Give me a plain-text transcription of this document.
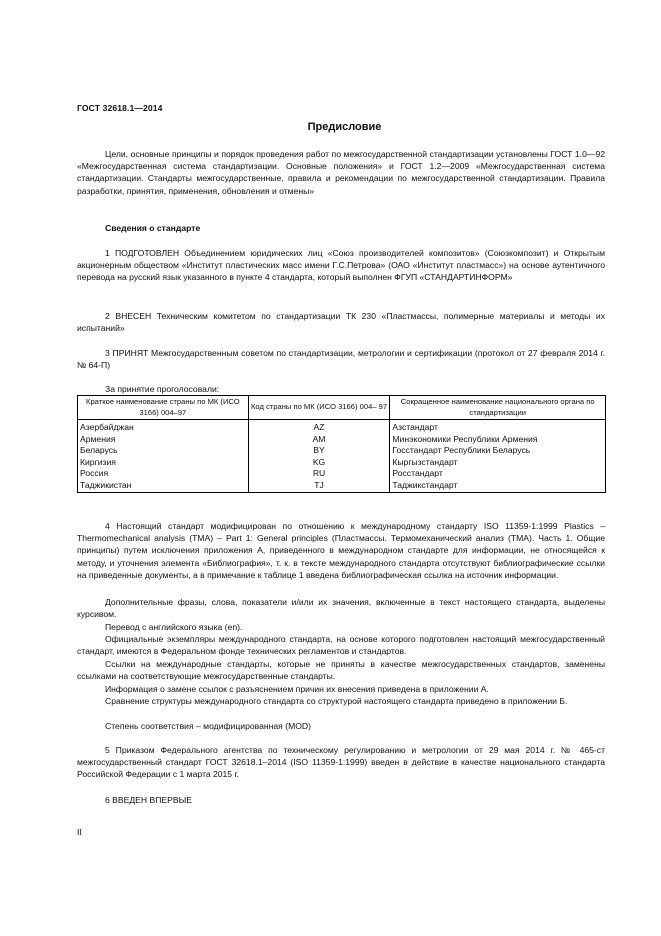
ГОСТ 32618.1—2014
Предисловие
Цели, основные принципы и порядок проведения работ по межгосударственной стандартизации установлены ГОСТ 1.0—92 «Межгосударственная система стандартизации. Основные положения» и ГОСТ 1.2—2009 «Межгосударственная система стандартизации. Стандарты межгосударственные, правила и рекомендации по межгосударственной стандартизации. Правила разработки, принятия, применения, обновления и отмены»
Сведения о стандарте
1 ПОДГОТОВЛЕН Объединением юридических лиц «Союз производителей композитов» (Союзкомпозит) и Открытым акционерным обществом «Институт пластических масс имени Г.С.Петрова» (ОАО «Институт пластмасс») на основе аутентичного перевода на русский язык указанного в пункте 4 стандарта, который выполнен ФГУП «СТАНДАРТИНФОРМ»
2 ВНЕСЕН Техническим комитетом по стандартизации ТК 230 «Пластмассы, полимерные материалы и методы их испытаний»
3 ПРИНЯТ Межгосударственным советом по стандартизации, метрологии и сертификации (протокол от 27 февраля 2014 г. № 64-П)
За принятие проголосовали:
Краткое наименование страны по МК (ИСО 3166) 004–97	Код страны по МК (ИСО 3166) 004– 97	Сокращенное наименование национального органа по стандартизации
Азербайджан	AZ	Азстандарт
Армения	AM	Минэкономики Республики Армения
Беларусь	BY	Госстандарт Республики Беларусь
Киргизия	KG	Кыргызстандарт
Россия	RU	Росстандарт
Таджикистан	TJ	Таджикстандарт
4 Настоящий стандарт модифицирован по отношению к международному стандарту ISO 11359-1:1999 Plastics – Thermomechanical analysis (TMA) – Part 1: General principles (Пластмассы. Термомеханический анализ (ТМА). Часть 1. Общие принципы) путем исключения приложения А, приведенного в международном стандарте для информации, не относящейся к методу, и уточнения элемента «Библиография», т. к. в тексте международного стандарта отсутствуют библиографические ссылки на приведенные документы, а в примечание к таблице 1 введена библиографическая ссылка на источник информации.
Дополнительные фразы, слова, показатели и/или их значения, включенные в текст настоящего стандарта, выделены курсивом.
Перевод с английского языка (en).
Официальные экземпляры международного стандарта, на основе которого подготовлен настоящий межгосударственный стандарт, имеются в Федеральном фонде технических регламентов и стандартов.
Ссылки на международные стандарты, которые не приняты в качестве межгосударственных стандартов, заменены ссылками на соответствующие межгосударственные стандарты.
Информация о замене ссылок с разъяснением причин их внесения приведена в приложении А.
Сравнение структуры международного стандарта со структурой настоящего стандарта приведено в приложении Б.
Степень соответствия – модифицированная (MOD)
5 Приказом Федерального агентства по техническому регулированию и метрологии от 29 мая 2014 г. № 465-ст межгосударственный стандарт ГОСТ 32618.1–2014 (ISO 11359-1:1999) введен в действие в качестве национального стандарта Российской Федерации с 1 марта 2015 г.
6 ВВЕДЕН ВПЕРВЫЕ
II
